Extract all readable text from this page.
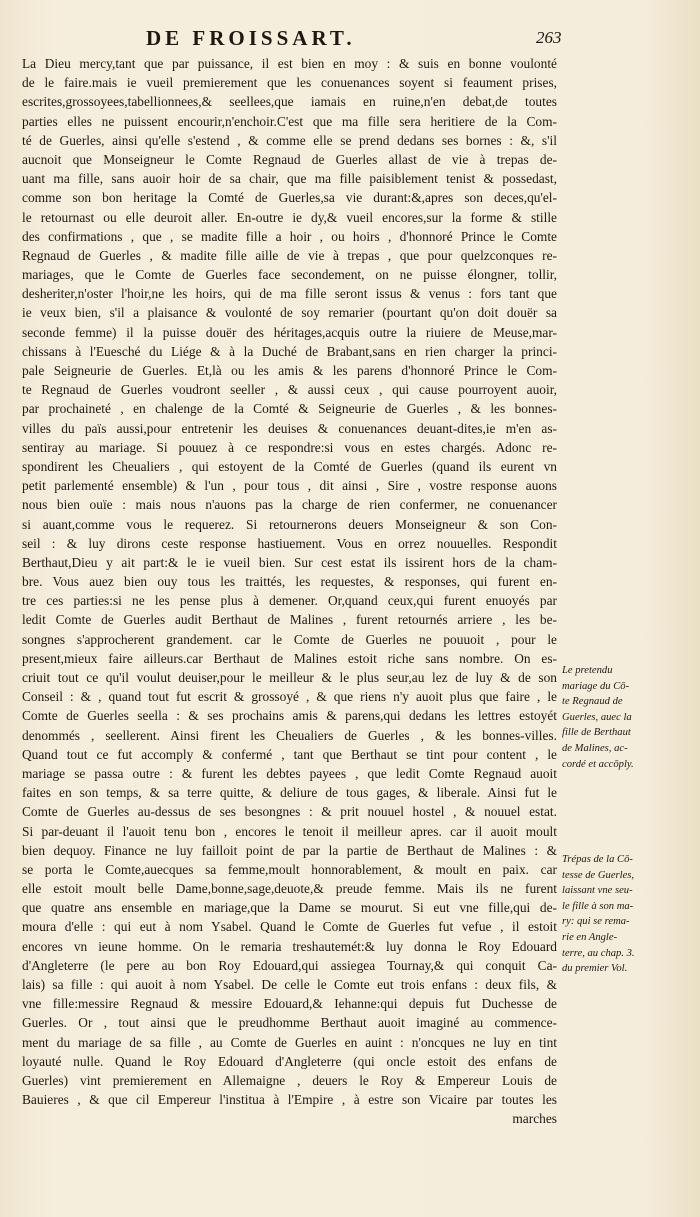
DE FROISSART.	263
La Dieu mercy,tant que par puissance, il est bien en moy : & suis en bonne voulonté
de le faire.mais ie vueil premierement que les conuenances soyent si feaument prises,
escrites,grossoyees,tabellionnees,& seellees,que iamais en ruine,n'en debat,de toutes
parties elles ne puissent encourir,n'enchoir.C'est que ma fille sera heritiere de la Com-
té de Guerles, ainsi qu'elle s'estend , & comme elle se prend dedans ses bornes : &, s'il
aucnoit que Monseigneur le Comte Regnaud de Guerles allast de vie à trepas de-
uant ma fille, sans auoir hoir de sa chair, que ma fille paisiblement tenist & possedast,
comme son bon heritage la Comté de Guerles,sa vie durant:&,apres son deces,qu'el-
le retournast ou elle deuroit aller. En-outre ie dy,& vueil encores,sur la forme & stille
des confirmations , que , se madite fille a hoir , ou hoirs , d'honnoré Prince le Comte
Regnaud de Guerles , & madite fille aille de vie à trepas , que pour quelzconques re-
mariages, que le Comte de Guerles face secondement, on ne puisse élongner, tollir,
desheriter,n'oster l'hoir,ne les hoirs, qui de ma fille seront issus & venus : fors tant que
ie veux bien, s'il a plaisance & voulonté de soy remarier (pourtant qu'on doit douër sa
seconde femme) il la puisse douër des héritages,acquis outre la riuiere de Meuse,mar-
chissans à l'Euesché du Liége & à la Duché de Brabant,sans en rien charger la princi-
pale Seigneurie de Guerles. Et,là ou les amis & les parens d'honnoré Prince le Com-
te Regnaud de Guerles voudront seeller , & aussi ceux , qui cause pourroyent auoir,
par prochaineté , en chalenge de la Comté & Seigneurie de Guerles , & les bonnes-
villes du païs aussi,pour entretenir les deuises & conuenances deuant-dites,ie m'en as-
sentiray au mariage. Si pouuez à ce respondre:si vous en estes chargés. Adonc re-
spondirent les Cheualiers , qui estoyent de la Comté de Guerles (quand ils eurent vn
petit parlementé ensemble) & l'un , pour tous , dit ainsi , Sire , vostre response auons
nous bien ouïe : mais nous n'auons pas la charge de rien confermer, ne conuenancer
si auant,comme vous le requerez. Si retournerons deuers Monseigneur & son Con-
seil : & luy dirons ceste response hastiuement. Vous en orrez nouuelles. Respondit
Berthaut,Dieu y ait part:& le ie vueil bien. Sur cest estat ils issirent hors de la cham-
bre. Vous auez bien ouy tous les traittés, les requestes, & responses, qui furent en-
tre ces parties:si ne les pense plus à demener. Or,quand ceux,qui furent enuoyés par
ledit Comte de Guerles audit Berthaut de Malines , furent retournés arriere , les be-
songnes s'approcherent grandement. car le Comte de Guerles ne pouuoit , pour le
present,mieux faire ailleurs.car Berthaut de Malines estoit riche sans nombre. On es-
criuit tout ce qu'il voulut deuiser,pour le meilleur & le plus seur,au lez de luy & de son
Conseil : & , quand tout fut escrit & grossoyé , & que riens n'y auoit plus que faire , le
Comte de Guerles seella : & ses prochains amis & parens,qui dedans les lettres estoyét
denommés , seellerent. Ainsi firent les Cheualiers de Guerles , & les bonnes-villes.
Quand tout ce fut accomply & confermé , tant que Berthaut se tint pour content , le
mariage se passa outre : & furent les debtes payees , que ledit Comte Regnaud auoit
faites en son temps, & sa terre quitte, & deliure de tous gages, & liberale. Ainsi fut le
Comte de Guerles au-dessus de ses besongnes : & prit nouuel hostel , & nouuel estat.
Si par-deuant il l'auoit tenu bon , encores le tenoit il meilleur apres. car il auoit moult
bien dequoy. Finance ne luy failloit point de par la partie de Berthaut de Malines : &
se porta le Comte,auecques sa femme,moult honnorablement, & moult en paix. car
elle estoit moult belle Dame,bonne,sage,deuote,& preude femme. Mais ils ne furent
que quatre ans ensemble en mariage,que la Dame se mourut. Si eut vne fille,qui de-
moura d'elle : qui eut à nom Ysabel. Quand le Comte de Guerles fut vefue , il estoit
encores vn ieune homme. On le remaria treshautemét:& luy donna le Roy Edouard
d'Angleterre (le pere au bon Roy Edouard,qui assiegea Tournay,& qui conquit Ca-
lais) sa fille : qui auoit à nom Ysabel. De celle le Comte eut trois enfans : deux fils, &
vne fille:messire Regnaud & messire Edouard,& Iehanne:qui depuis fut Duchesse de
Guerles. Or , tout ainsi que le preudhomme Berthaut auoit imaginé au commence-
ment du mariage de sa fille , au Comte de Guerles en auint : n'oncques ne luy en tint
loyauté nulle. Quand le Roy Edouard d'Angleterre (qui oncle estoit des enfans de
Guerles) vint premierement en Allemaigne , deuers le Roy & Empereur Louis de
Bauieres , & que cil Empereur l'institua à l'Empire , à estre son Vicaire par toutes les
marches
Le pretendu
mariage du Cō-
te Regnaud de
Guerles, auec la
fille de Berthaut
de Malines, ac-
cordé et accōply.
Trépas de la Cō-
tesse de Guerles,
laissant vne seu-
le fille à son ma-
ry: qui se rema-
rie en Angle-
terre, au chap. 3.
du premier Vol.
